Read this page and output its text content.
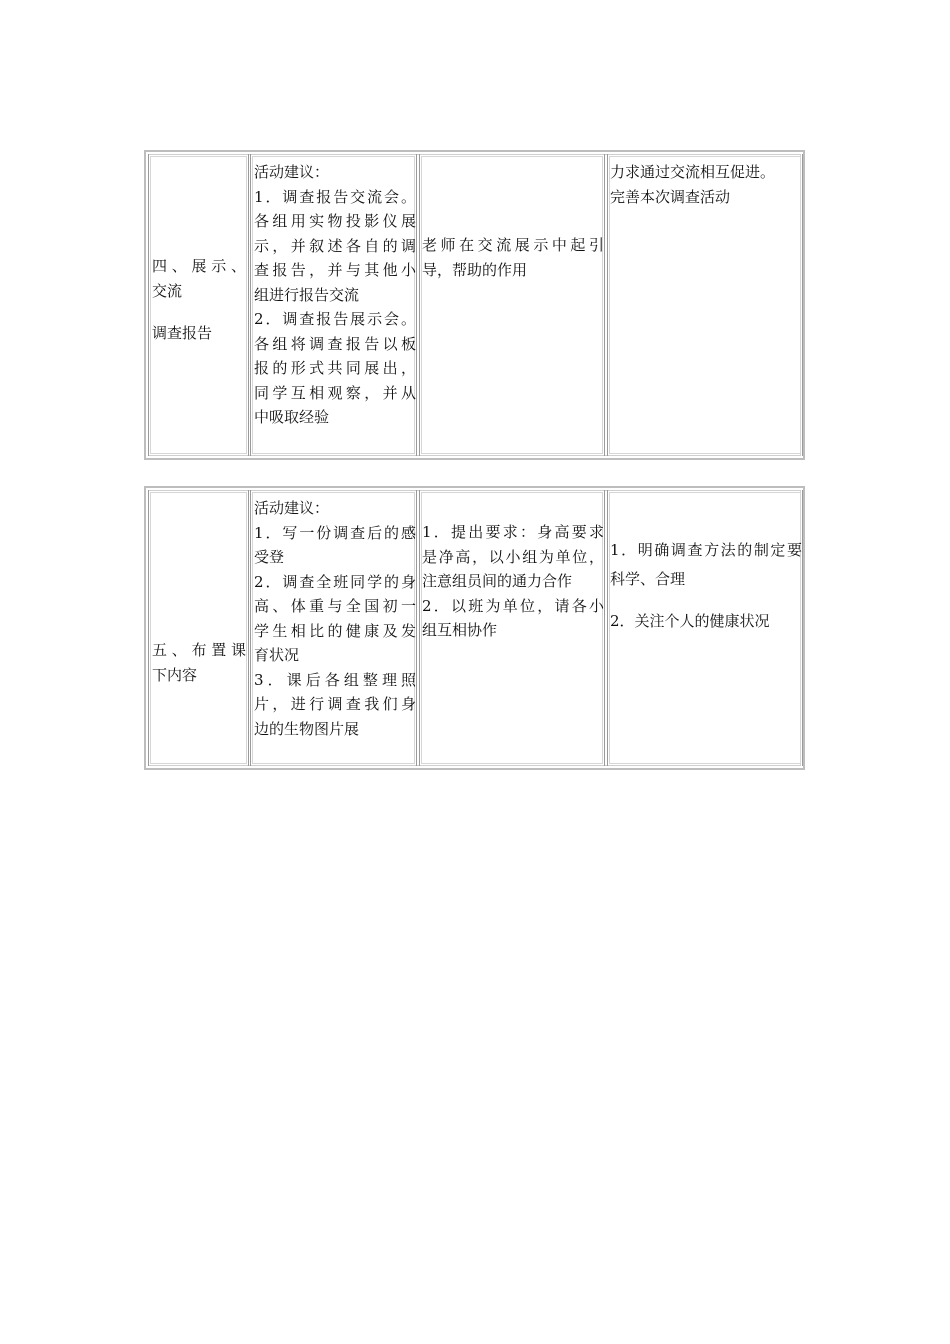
四、展示、
交流
调查报告
活动建议：
1．调查报告交流会。
各组用实物投影仪展
示，并叙述各自的调
查报告，并与其他小
组进行报告交流
2．调查报告展示会。
各组将调查报告以板
报的形式共同展出，
同学互相观察，并从
中吸取经验
老师在交流展示中起引
导，帮助的作用
力求通过交流相互促进。
完善本次调查活动
五、布置课
下内容
活动建议：
1．写一份调查后的感
受登
2．调查全班同学的身
高、体重与全国初一
学生相比的健康及发
育状况
3．课后各组整理照
片，进行调查我们身
边的生物图片展
1．提出要求：身高要求
是净高，以小组为单位，
注意组员间的通力合作
2．以班为单位，请各小
组互相协作
1．明确调查方法的制定要
科学、合理
2．关注个人的健康状况
